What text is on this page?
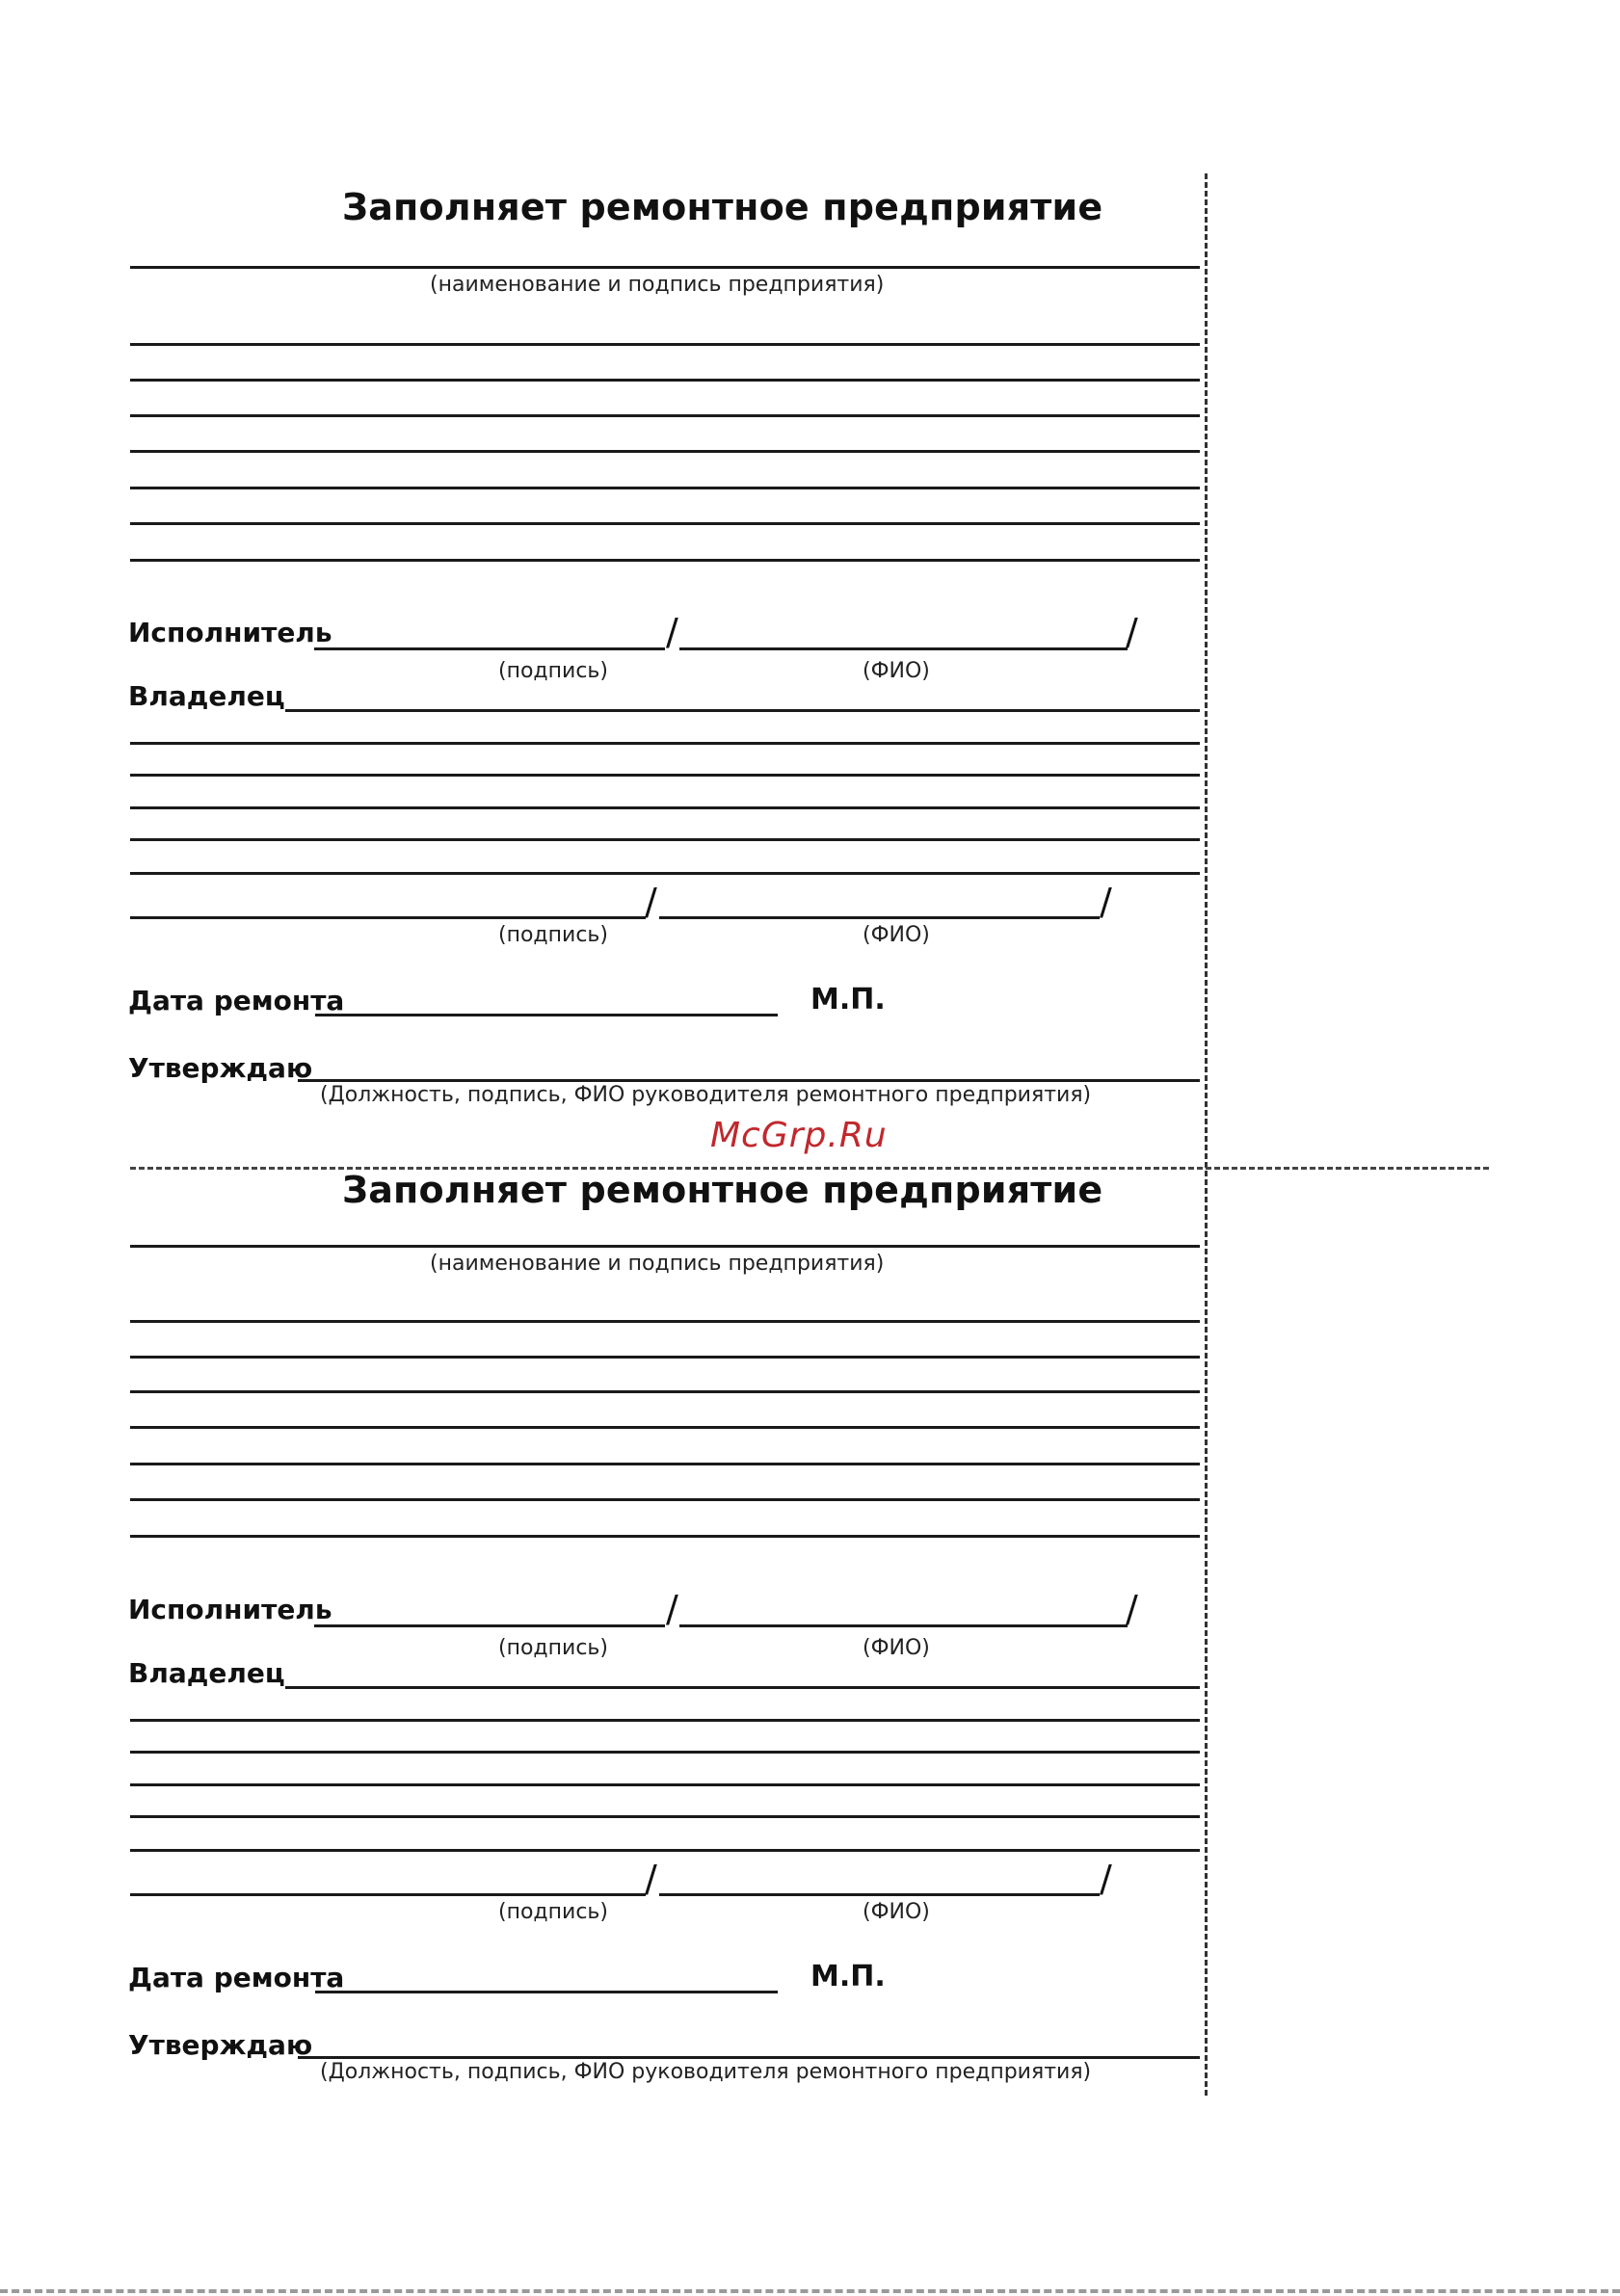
McGrp.Ru
Заполняет ремонтное предприятие
(наименование и подпись предприятия)
Исполнитель	/	/
(подпись)	(ФИО)
Владелец
/	/
(подпись)	(ФИО)
Дата ремонта	М.П.
Утверждаю
(Должность, подпись, ФИО руководителя ремонтного предприятия)
Заполняет ремонтное предприятие
(наименование и подпись предприятия)
Исполнитель	/	/
(подпись)	(ФИО)
Владелец
/	/
(подпись)	(ФИО)
Дата ремонта	М.П.
Утверждаю
(Должность, подпись, ФИО руководителя ремонтного предприятия)
